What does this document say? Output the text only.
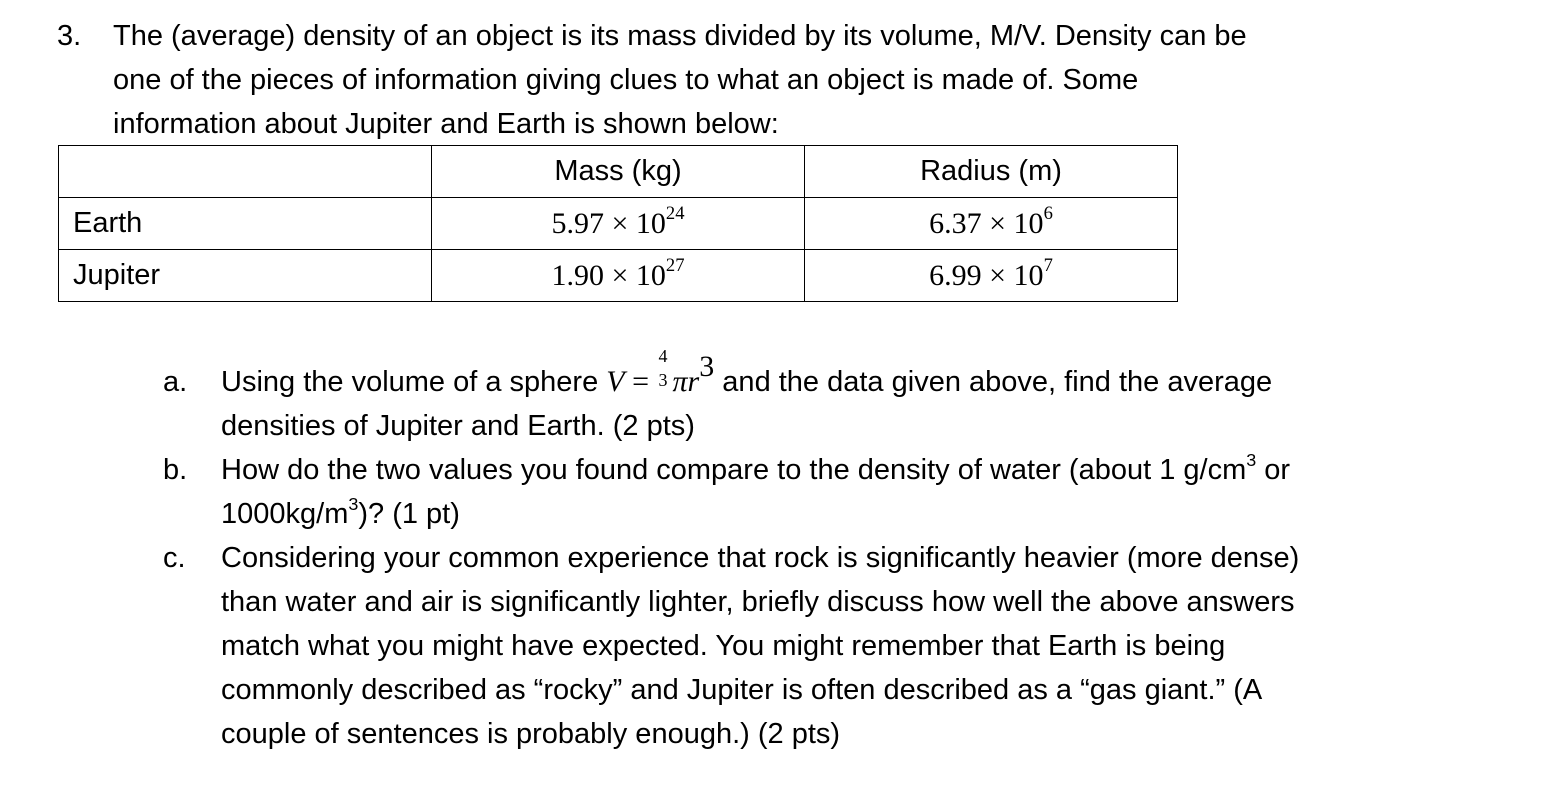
3. The (average) density of an object is its mass divided by its volume, M/V. Density can be
one of the pieces of information giving clues to what an object is made of. Some
information about Jupiter and Earth is shown below:
	Mass (kg)	Radius (m)
Earth	$5.97 \times 10^{24}$	$6.37 \times 10^6$
Jupiter	$1.90 \times 10^{27}$	$6.99 \times 10^7$
a. Using the volume of a sphere V =
4
3 $\pi r^3$ and the data given above, find the average
densities of Jupiter and Earth. (2 pts)
b. How do the two values you found compare to the density of water (about 1 $g/cm^3$ or
$1000kg/m^3$)? (1 pt)
c. Considering your common experience that rock is significantly heavier (more dense)
than water and air is significantly lighter, briefly discuss how well the above answers
match what you might have expected. You might remember that Earth is being
commonly described as “rocky” and Jupiter is often described as a “gas giant.” (A
couple of sentences is probably enough.) (2 pts)
